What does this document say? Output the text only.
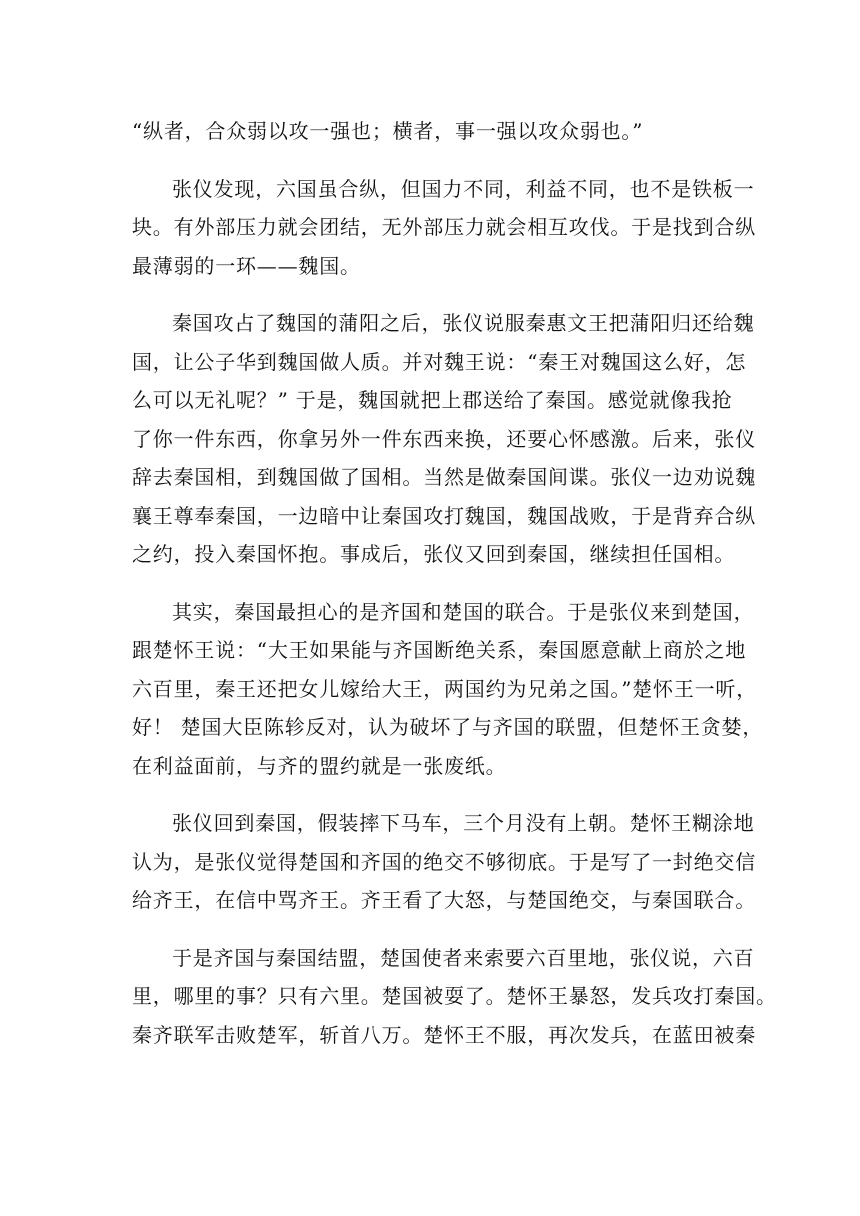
“纵者，合众弱以攻一强也；横者，事一强以攻众弱也。”

张仪发现，六国虽合纵，但国力不同，利益不同，也不是铁板一
块。有外部压力就会团结，无外部压力就会相互攻伐。于是找到合纵
最薄弱的一环——魏国。

秦国攻占了魏国的蒲阳之后，张仪说服秦惠文王把蒲阳归还给魏
国，让公子华到魏国做人质。并对魏王说：“秦王对魏国这么好，怎
么可以无礼呢？” 于是，魏国就把上郡送给了秦国。感觉就像我抢
了你一件东西，你拿另外一件东西来换，还要心怀感激。后来，张仪
辞去秦国相，到魏国做了国相。当然是做秦国间谍。张仪一边劝说魏
襄王尊奉秦国，一边暗中让秦国攻打魏国，魏国战败，于是背弃合纵
之约，投入秦国怀抱。事成后，张仪又回到秦国，继续担任国相。

其实，秦国最担心的是齐国和楚国的联合。于是张仪来到楚国，
跟楚怀王说：“大王如果能与齐国断绝关系，秦国愿意献上商於之地
六百里，秦王还把女儿嫁给大王，两国约为兄弟之国。”楚怀王一听，
好！ 楚国大臣陈轸反对，认为破坏了与齐国的联盟，但楚怀王贪婪，
在利益面前，与齐的盟约就是一张废纸。

张仪回到秦国，假装摔下马车，三个月没有上朝。楚怀王糊涂地
认为，是张仪觉得楚国和齐国的绝交不够彻底。于是写了一封绝交信
给齐王，在信中骂齐王。齐王看了大怒，与楚国绝交，与秦国联合。

于是齐国与秦国结盟，楚国使者来索要六百里地，张仪说，六百
里，哪里的事？只有六里。楚国被耍了。楚怀王暴怒，发兵攻打秦国。
秦齐联军击败楚军，斩首八万。楚怀王不服，再次发兵，在蓝田被秦
